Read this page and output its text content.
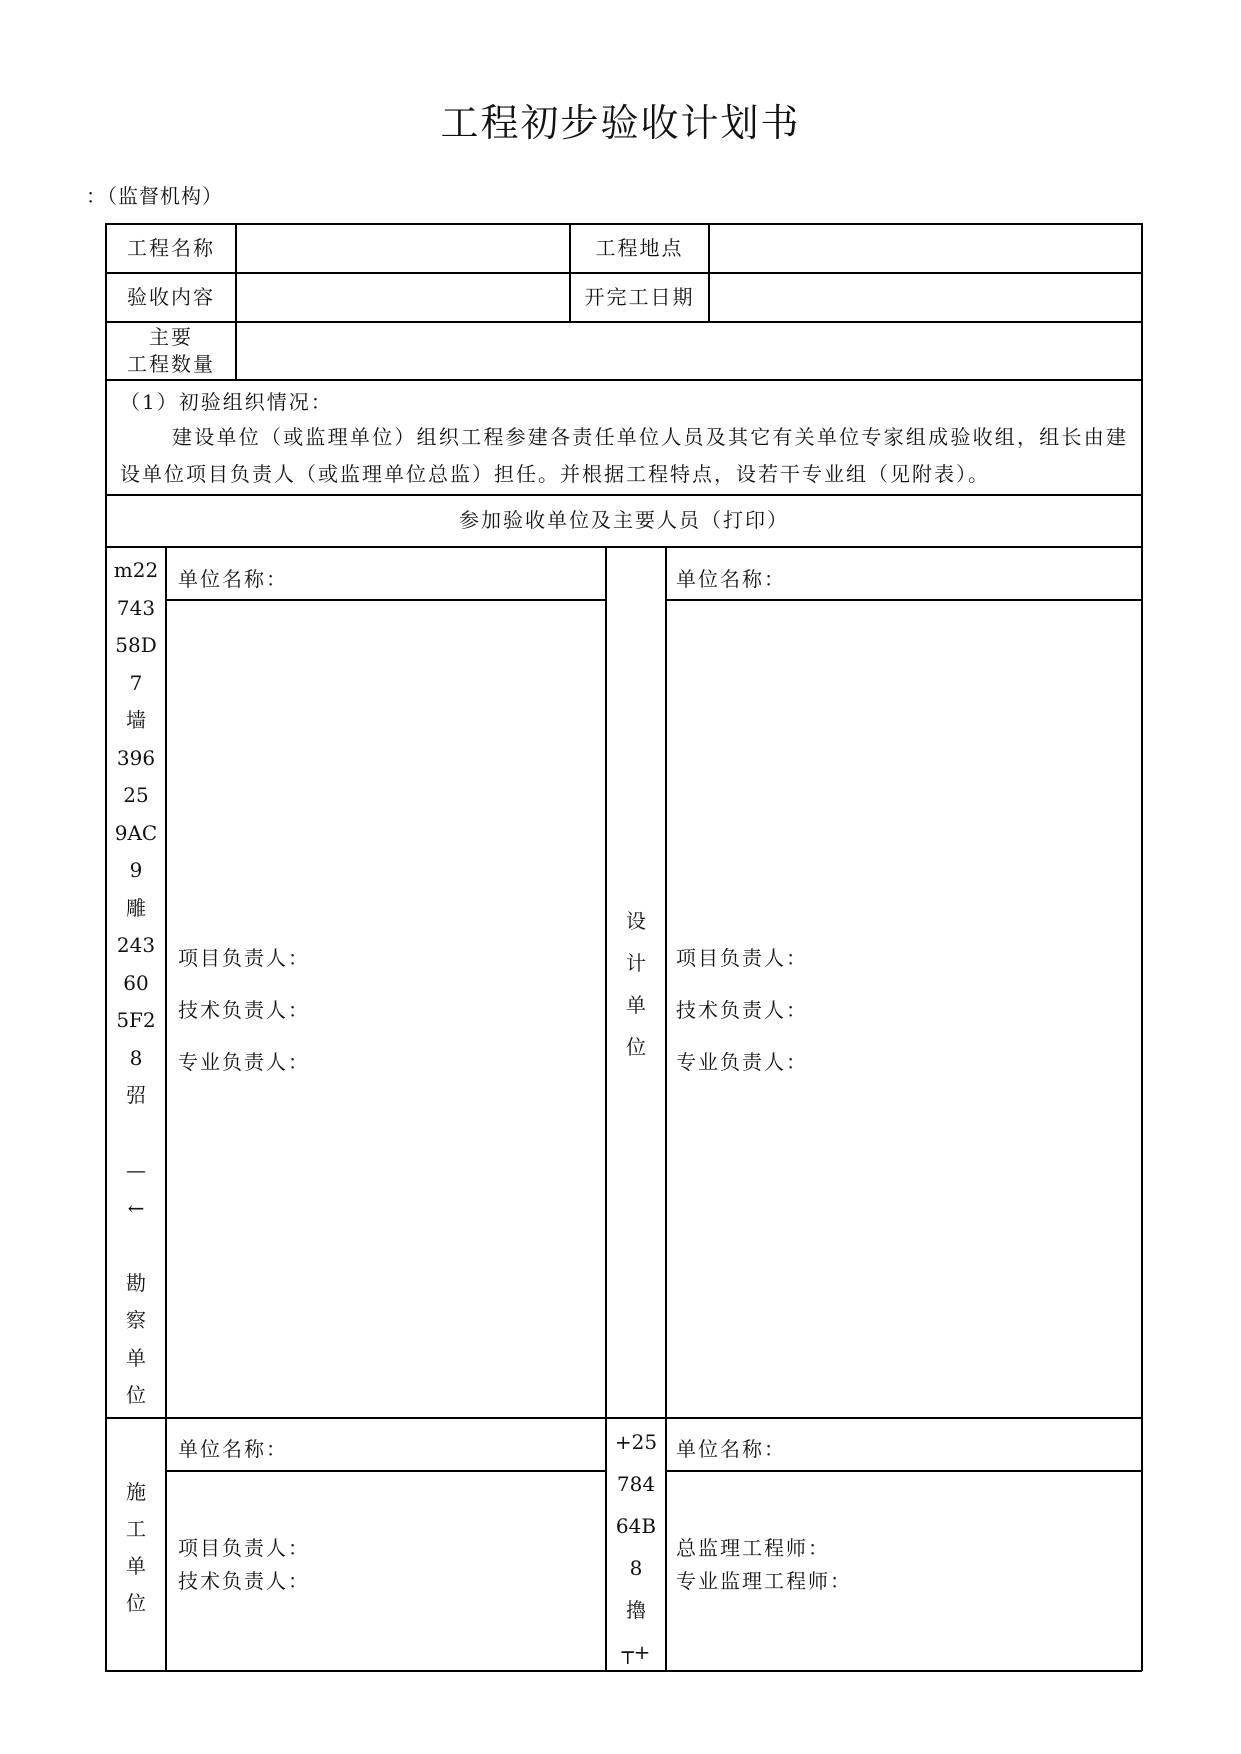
工程初步验收计划书
：（监督机构）
工程名称	工程地点
验收内容	开完工日期
主要
工程数量
（1）初验组织情况：
建设单位（或监理单位）组织工程参建各责任单位人员及其它有关单位专家组成验收组，组长由建设单位项目负责人（或监理单位总监）担任。并根据工程特点，设若干专业组（见附表）。
参加验收单位及主要人员（打印）
m22
743
58D
7
墙
396
25
9AC
9
雕
243
60
5F2
8
弨
—
←
勘
察
单
位
单位名称：
项目负责人：
技术负责人：
专业负责人：
设
计
单
位
单位名称：
项目负责人：
技术负责人：
专业负责人：
施
工
单
位
单位名称：
项目负责人：
技术负责人：
+25
784
64B
8
擼
┬+
单位名称：
总监理工程师：
专业监理工程师：
